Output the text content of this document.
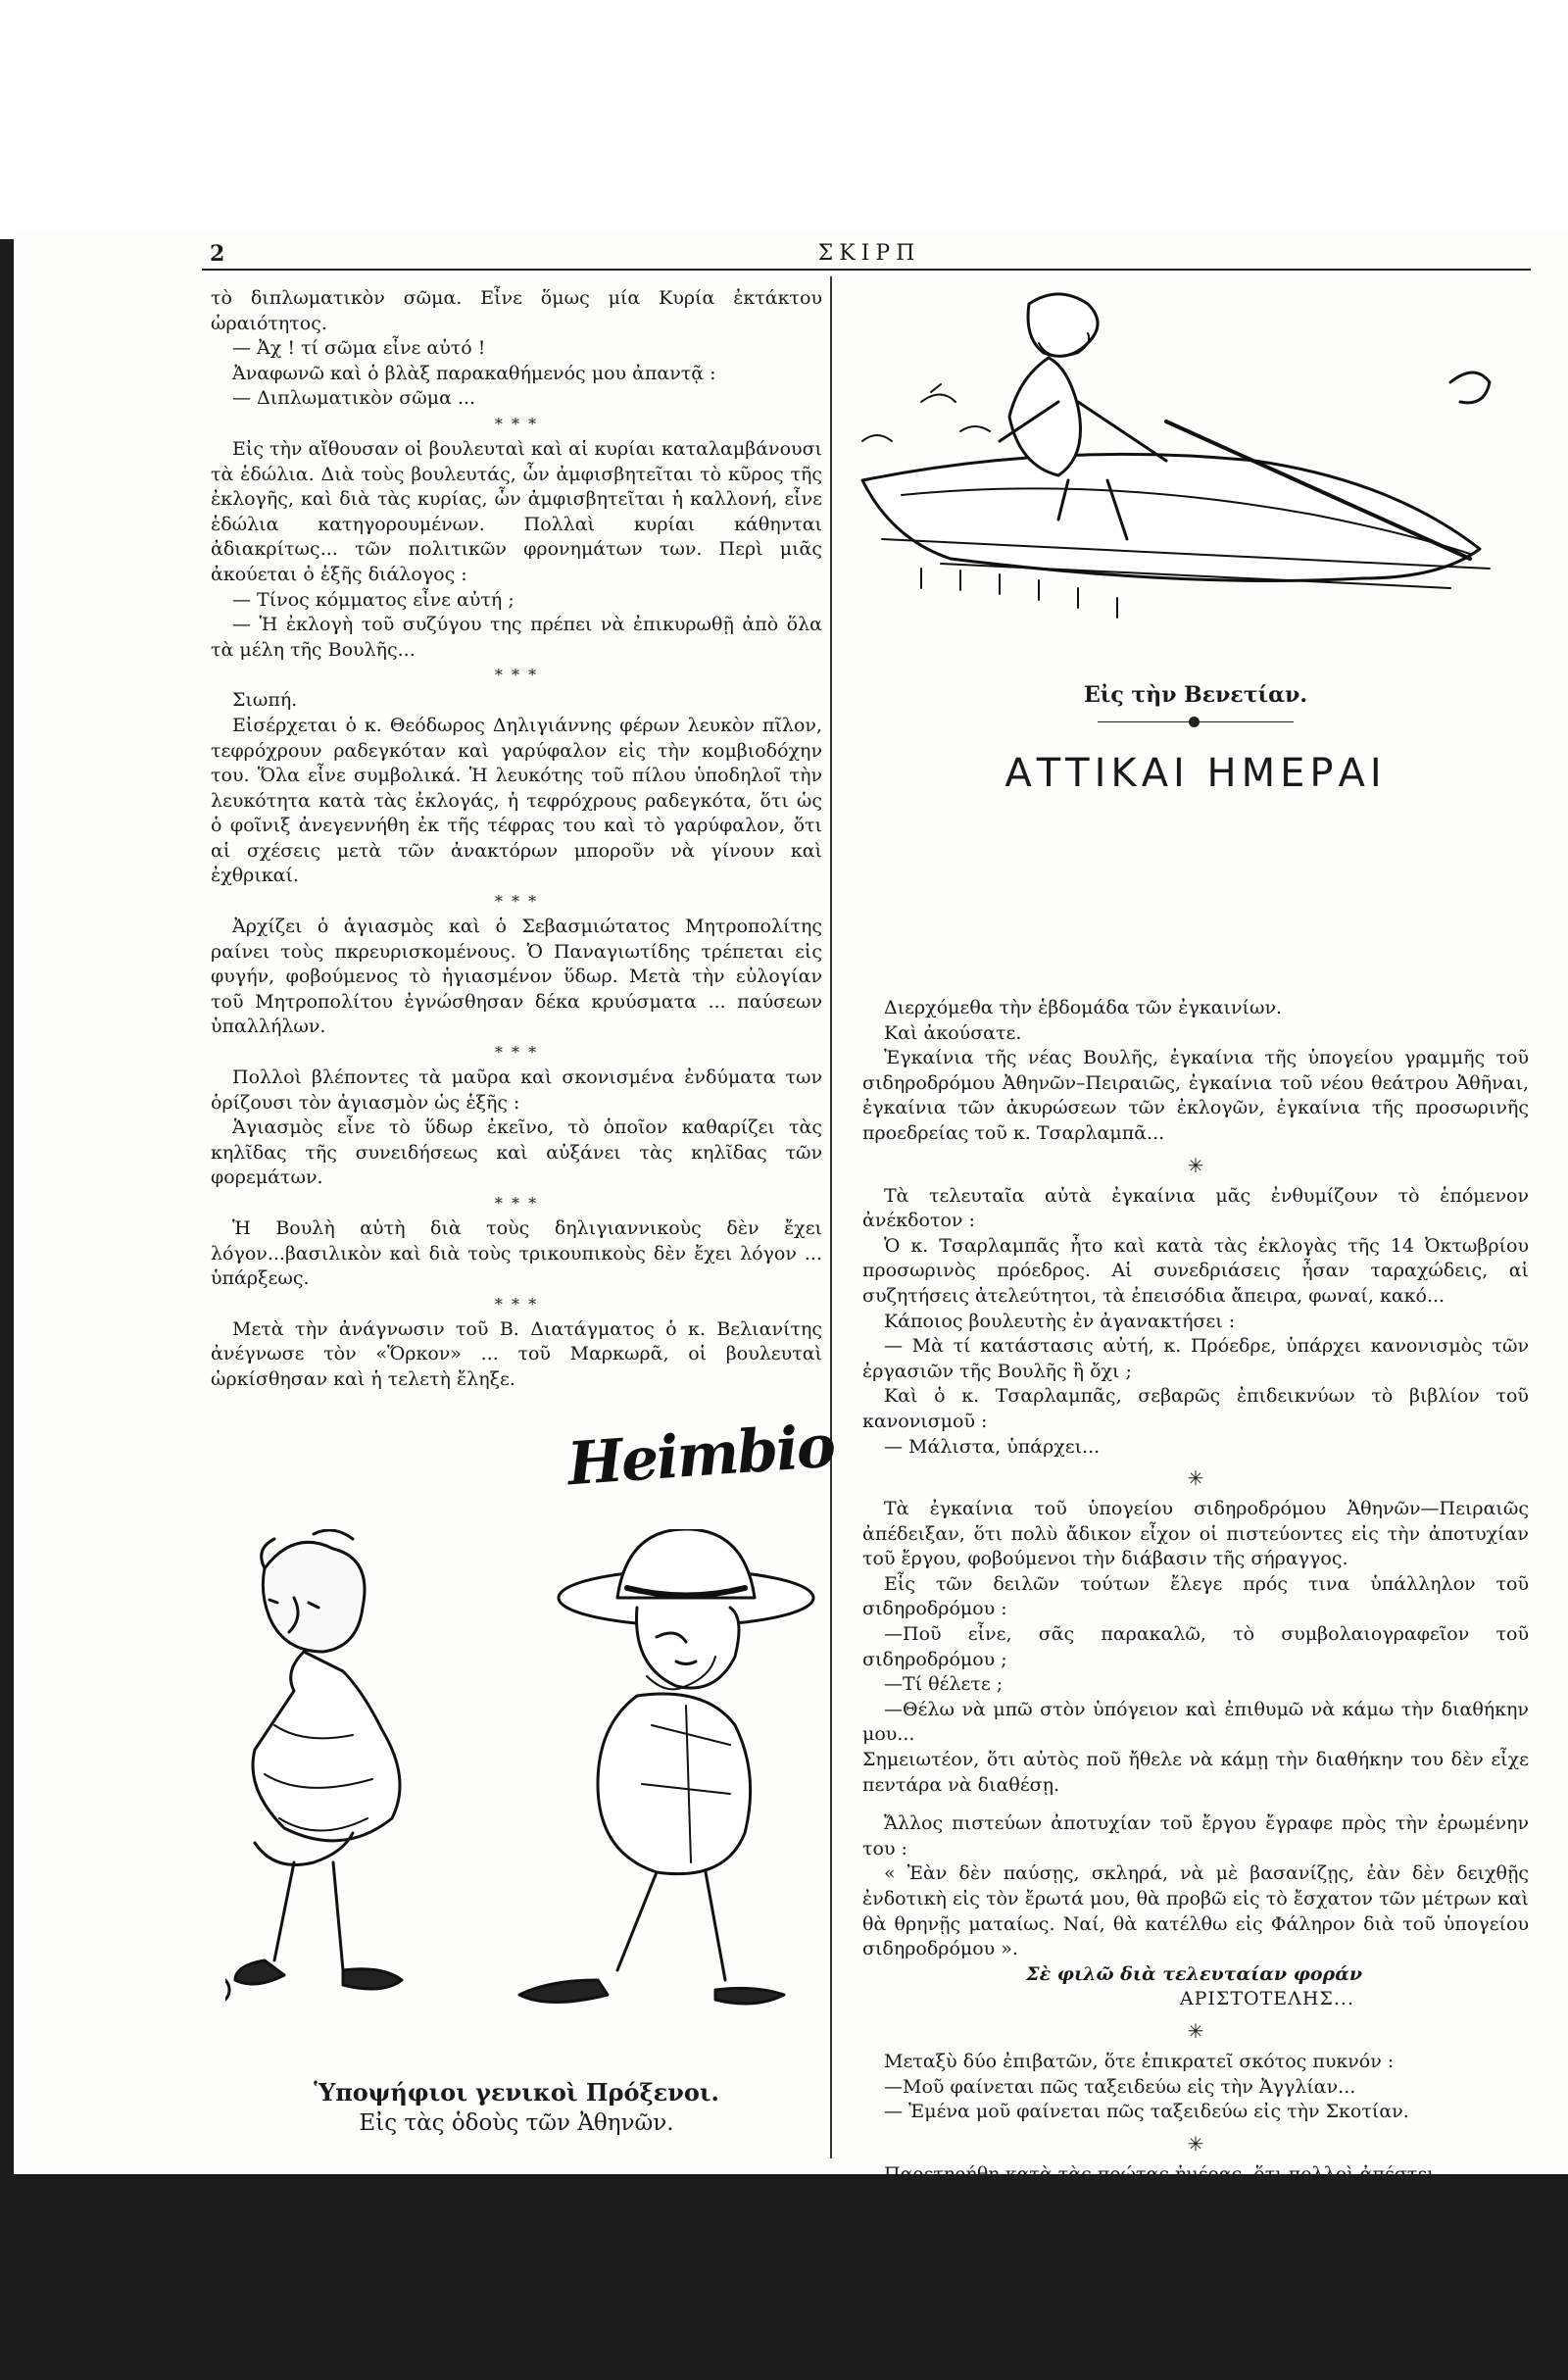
2	ΣΚΙΡΠ

τὸ διπλωματικὸν σῶμα. Εἶνε ὅμως μία Κυρία ἐκτάκτου ὡραιότητος.

— Ἀχ ! τί σῶμα εἶνε αὐτό !

Ἀναφωνῶ καὶ ὁ βλὰξ παρακαθήμενός μου ἀπαντᾷ :

— Διπλωματικὸν σῶμα ...

* * *

Εἰς τὴν αἴθουσαν οἱ βουλευταὶ καὶ αἱ κυρίαι καταλαμβάνουσι τὰ ἑδώλια. Διὰ τοὺς βουλευτάς, ὧν ἀμφισβητεῖται τὸ κῦρος τῆς ἐκλογῆς, καὶ διὰ τὰς κυρίας, ὧν ἀμφισβητεῖται ἡ καλλονή, εἶνε ἑδώλια κατηγορουμένων. Πολλαὶ κυρίαι κάθηνται ἀδιακρίτως... τῶν πολιτικῶν φρονημάτων των. Περὶ μιᾶς ἀκούεται ὁ ἑξῆς διάλογος :

— Τίνος κόμματος εἶνε αὐτή ;

— Ἡ ἐκλογὴ τοῦ συζύγου της πρέπει νὰ ἐπικυρωθῇ ἀπὸ ὅλα τὰ μέλη τῆς Βουλῆς...

* * *

Σιωπή.

Εἰσέρχεται ὁ κ. Θεόδωρος Δηλιγιάννης φέρων λευκὸν πῖλον, τεφρόχρουν ραδεγκόταν καὶ γαρύφαλον εἰς τὴν κομβιοδόχην του. Ὅλα εἶνε συμβολικά. Ἡ λευκότης τοῦ πίλου ὑποδηλοῖ τὴν λευκότητα κατὰ τὰς ἐκλογάς, ἡ τεφρόχρους ραδεγκότα, ὅτι ὡς ὁ φοῖνιξ ἀνεγεννήθη ἐκ τῆς τέφρας του καὶ τὸ γαρύφαλον, ὅτι αἱ σχέσεις μετὰ τῶν ἀνακτόρων μποροῦν νὰ γίνουν καὶ ἐχθρικαί.

* * *

Ἀρχίζει ὁ ἁγιασμὸς καὶ ὁ Σεβασμιώτατος Μητροπολίτης ραίνει τοὺς πκρευρισκομένους. Ὁ Παναγιωτίδης τρέπεται εἰς φυγήν, φοβούμενος τὸ ἡγιασμένον ὕδωρ. Μετὰ τὴν εὐλογίαν τοῦ Μητροπολίτου ἐγνώσθησαν δέκα κρυύσματα ... παύσεων ὑπαλλήλων.

* * *

Πολλοὶ βλέποντες τὰ μαῦρα καὶ σκονισμένα ἐνδύματα των ὁρίζουσι τὸν ἁγιασμὸν ὡς ἑξῆς :

Ἁγιασμὸς εἶνε τὸ ὕδωρ ἐκεῖνο, τὸ ὁποῖον καθαρίζει τὰς κηλῖδας τῆς συνειδήσεως καὶ αὐξάνει τὰς κηλῖδας τῶν φορεμάτων.

* * *

Ἡ Βουλὴ αὐτὴ διὰ τοὺς δηλιγιαννικοὺς δὲν ἔχει λόγον...βασιλικὸν καὶ διὰ τοὺς τρικουπικοὺς δὲν ἔχει λόγον ... ὑπάρξεως.

* * *

Μετὰ τὴν ἀνάγνωσιν τοῦ Β. Διατάγματος ὁ κ. Βελιανίτης ἀνέγνωσε τὸν «Ὅρκον» ... τοῦ Μαρκωρᾶ, οἱ βουλευταὶ ὡρκίσθησαν καὶ ἡ τελετὴ ἔληξε.

Heimbio
Ὑποψήφιοι γενικοὶ Πρόξενοι.
Εἰς τὰς ὁδοὺς τῶν Ἀθηνῶν.
Εἰς τὴν Βενετίαν.
ΑΤΤΙΚΑΙ ΗΜΕΡΑΙ

Διερχόμεθα τὴν ἑβδομάδα τῶν ἐγκαινίων.

Καὶ ἀκούσατε.

Ἐγκαίνια τῆς νέας Βουλῆς, ἐγκαίνια τῆς ὑπογείου γραμμῆς τοῦ σιδηροδρόμου Ἀθηνῶν–Πειραιῶς, ἐγκαίνια τοῦ νέου θεάτρου Ἀθῆναι, ἐγκαίνια τῶν ἀκυρώσεων τῶν ἐκλογῶν, ἐγκαίνια τῆς προσωρινῆς προεδρείας τοῦ κ. Τσαρλαμπᾶ...

✳

Τὰ τελευταῖα αὐτὰ ἐγκαίνια μᾶς ἐνθυμίζουν τὸ ἑπόμενον ἀνέκδοτον :

Ὁ κ. Τσαρλαμπᾶς ἦτο καὶ κατὰ τὰς ἐκλογὰς τῆς 14 Ὀκτωβρίου προσωρινὸς πρόεδρος. Αἱ συνεδριάσεις ἦσαν ταραχώδεις, αἱ συζητήσεις ἀτελεύτητοι, τὰ ἐπεισόδια ἄπειρα, φωναί, κακό...

Κάποιος βουλευτὴς ἐν ἀγανακτήσει :

— Μὰ τί κατάστασις αὐτή, κ. Πρόεδρε, ὑπάρχει κανονισμὸς τῶν ἐργασιῶν τῆς Βουλῆς ἢ ὄχι ;

Καὶ ὁ κ. Τσαρλαμπᾶς, σεβαρῶς ἐπιδεικνύων τὸ βιβλίον τοῦ κανονισμοῦ :

— Μάλιστα, ὑπάρχει...

✳

Τὰ ἐγκαίνια τοῦ ὑπογείου σιδηροδρόμου Ἀθηνῶν—Πειραιῶς ἀπέδειξαν, ὅτι πολὺ ἄδικον εἶχον οἱ πιστεύοντες εἰς τὴν ἀποτυχίαν τοῦ ἔργου, φοβούμενοι τὴν διάβασιν τῆς σήραγγος.

Εἷς τῶν δειλῶν τούτων ἔλεγε πρός τινα ὑπάλληλον τοῦ σιδηροδρόμου :

—Ποῦ εἶνε, σᾶς παρακαλῶ, τὸ συμβολαιογραφεῖον τοῦ σιδηροδρόμου ;

—Τί θέλετε ;

—Θέλω νὰ μπῶ στὸν ὑπόγειον καὶ ἐπιθυμῶ νὰ κάμω τὴν διαθήκην μου...

Σημειωτέον, ὅτι αὐτὸς ποῦ ἤθελε νὰ κάμῃ τὴν διαθήκην του δὲν εἶχε πεντάρα νὰ διαθέσῃ.

Ἄλλος πιστεύων ἀποτυχίαν τοῦ ἔργου ἔγραφε πρὸς τὴν ἐρωμένην του :

« Ἐὰν δὲν παύσῃς, σκληρά, νὰ μὲ βασανίζῃς, ἐὰν δὲν δειχθῇς ἐνδοτικὴ εἰς τὸν ἔρωτά μου, θὰ προβῶ εἰς τὸ ἔσχατον τῶν μέτρων καὶ θὰ θρηνῇς ματαίως. Ναί, θὰ κατέλθω εἰς Φάληρον διὰ τοῦ ὑπογείου σιδηροδρόμου ».

Σὲ φιλῶ διὰ τελευταίαν φοράν
ΑΡΙΣΤΟΤΕΛΗΣ...
✳

Μεταξὺ δύο ἐπιβατῶν, ὅτε ἐπικρατεῖ σκότος πυκνόν :

—Μοῦ φαίνεται πῶς ταξειδεύω εἰς τὴν Ἀγγλίαν...

— Ἐμένα μοῦ φαίνεται πῶς ταξειδεύω εἰς τὴν Σκοτίαν.

✳

Παρετηρήθη κατὰ τὰς πρώτας ἡμέρας, ὅτι πολλοὶ ἀπέστει—
